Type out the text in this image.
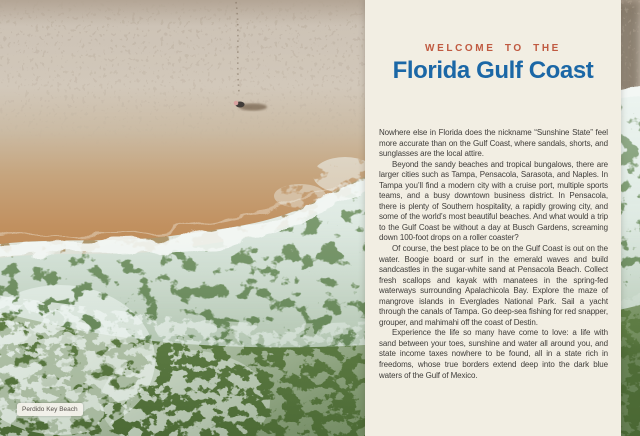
Perdido Key Beach
WELCOME TO THE
Florida Gulf Coast

Nowhere else in Florida does the nickname “Sunshine State” feel more accurate than on the Gulf Coast, where sandals, shorts, and sunglasses are the local attire.

Beyond the sandy beaches and tropical bungalows, there are larger cities such as Tampa, Pensacola, Sarasota, and Naples. In Tampa you’ll find a modern city with a cruise port, multiple sports teams, and a busy downtown business district. In Pensacola, there is plenty of Southern hospitality, a rapidly growing city, and some of the world’s most beautiful beaches. And what would a trip to the Gulf Coast be without a day at Busch Gardens, screaming down 100-foot drops on a roller coaster?

Of course, the best place to be on the Gulf Coast is out on the water. Boogie board or surf in the emerald waves and build sandcastles in the sugar-white sand at Pensacola Beach. Collect fresh scallops and kayak with manatees in the spring-fed waterways surrounding Apalachicola Bay. Explore the maze of mangrove islands in Everglades National Park. Sail a yacht through the canals of Tampa. Go deep-sea fishing for red snapper, grouper, and mahimahi off the coast of Destin.

Experience the life so many have come to love: a life with sand between your toes, sunshine and water all around you, and state income taxes nowhere to be found, all in a state rich in freedoms, whose true borders extend deep into the dark blue waters of the Gulf of Mexico.
